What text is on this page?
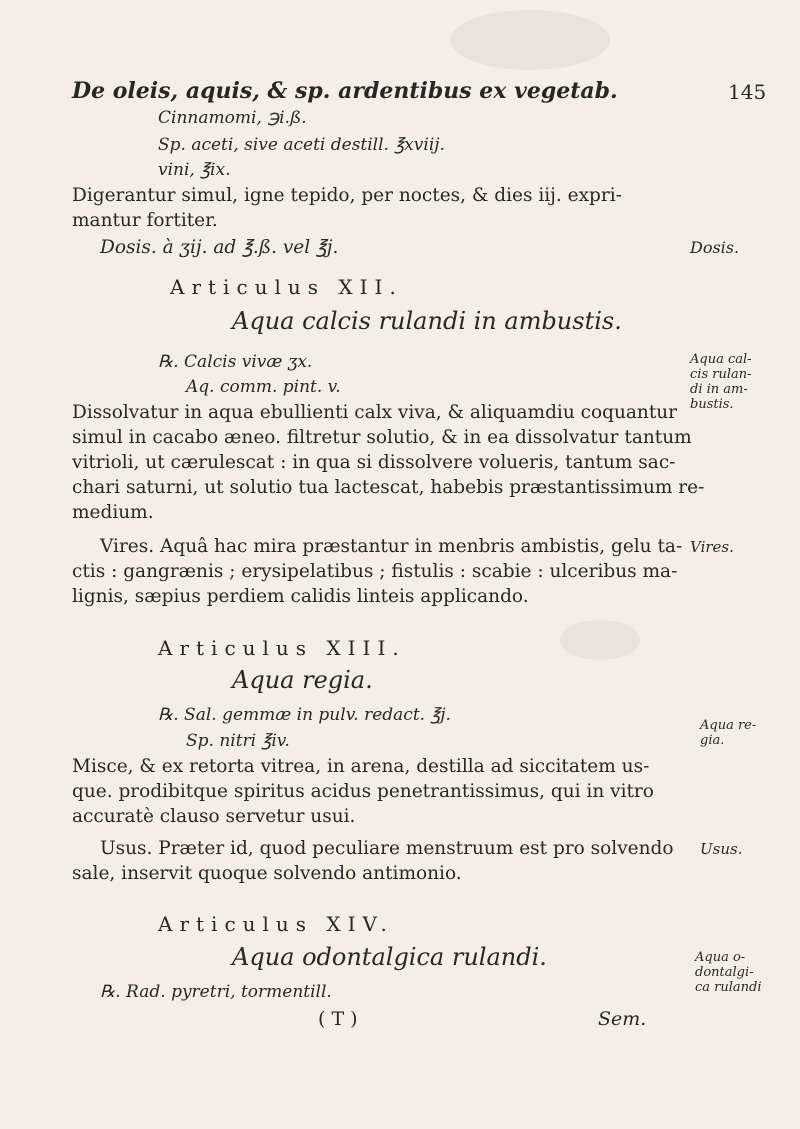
De oleis, aquis, & sp. ardentibus ex vegetab.	145
Cinnamomi, ℈i.ß.
Sp. aceti, sive aceti destill. ℥xviij.
vini, ℥ix.
Digerantur simul, igne tepido, per noctes, & dies iij. expri-
mantur fortiter.
Dosis. à ʒij. ad ℥.ß. vel ℥j.	Dosis.
Articulus XII.
Aqua calcis rulandi in ambustis.
℞. Calcis vivæ ʒx.
Aq. comm. pint. v.
Aqua cal-
cis rulan-
di in am-
bustis.
Dissolvatur in aqua ebullienti calx viva, & aliquamdiu coquantur
simul in cacabo æneo. filtretur solutio, & in ea dissolvatur tantum
vitrioli, ut cærulescat : in qua si dissolvere volueris, tantum sac-
chari saturni, ut solutio tua lactescat, habebis præstantissimum re-
medium.
Vires. Aquâ hac mira præstantur in menbris ambistis, gelu ta-
ctis : gangrænis ; erysipelatibus ; fistulis : scabie : ulceribus ma-
lignis, sæpius perdiem calidis linteis applicando.
Vires.
Articulus XIII.
Aqua regia.
℞. Sal. gemmæ in pulv. redact. ℥j.
Sp. nitri ℥iv.
Aqua re-
gia.
Misce, & ex retorta vitrea, in arena, destilla ad siccitatem us-
que. prodibitque spiritus acidus penetrantissimus, qui in vitro
accuratè clauso servetur usui.
Usus. Præter id, quod peculiare menstruum est pro solvendo
sale, inservit quoque solvendo antimonio.
Usus.
Articulus XIV.
Aqua odontalgica rulandi.
℞. Rad. pyretri, tormentill.
Aqua o-
dontalgi-
ca rulandi
( T )	Sem.
